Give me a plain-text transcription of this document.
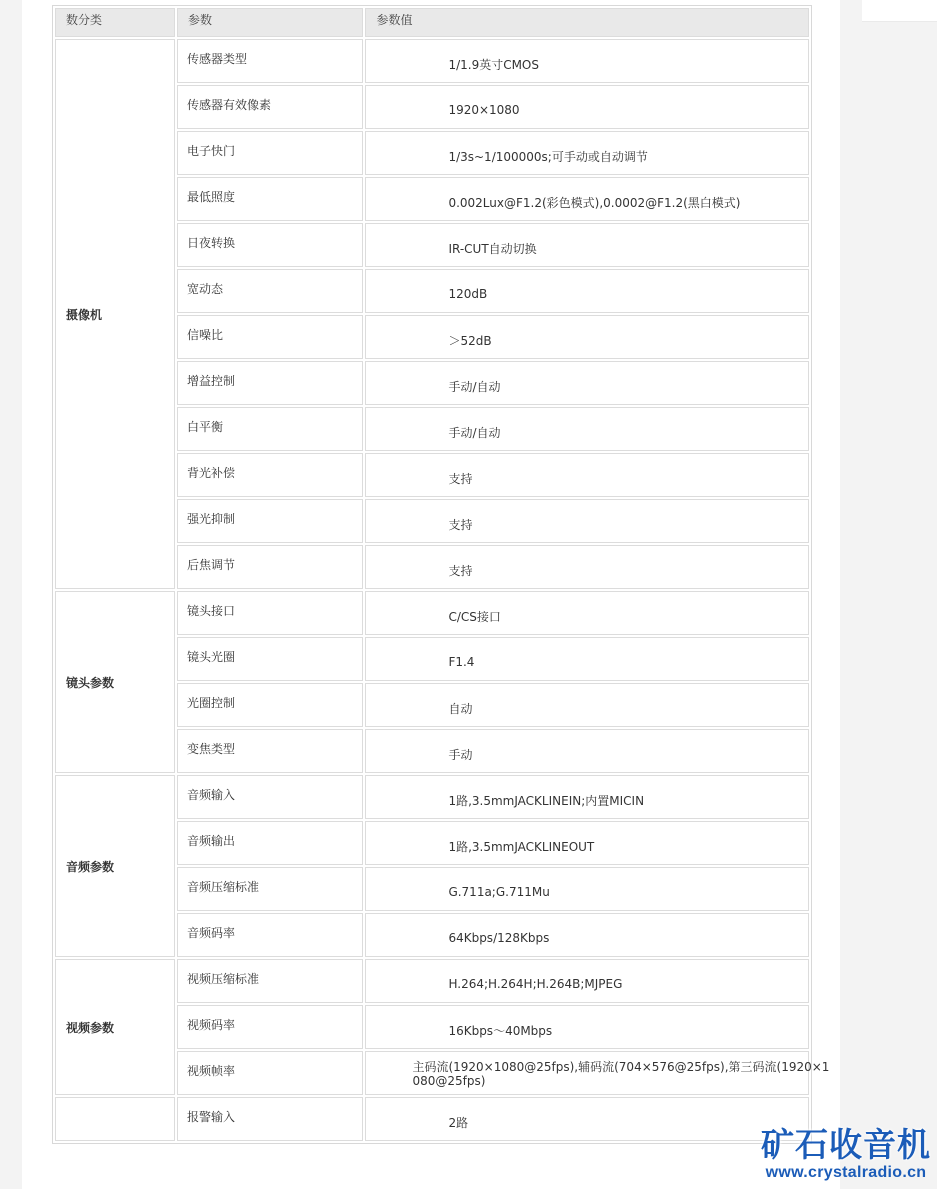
数分类	参数	参数值
摄像机	传感器类型	1/1.9英寸CMOS
	传感器有效像素	1920×1080
	电子快门	1/3s~1/100000s;可手动或自动调节
	最低照度	0.002Lux@F1.2(彩色模式),0.0002@F1.2(黑白模式)
	日夜转换	IR-CUT自动切换
	宽动态	120dB
	信噪比	＞52dB
	增益控制	手动/自动
	白平衡	手动/自动
	背光补偿	支持
	强光抑制	支持
	后焦调节	支持
镜头参数	镜头接口	C/CS接口
	镜头光圈	F1.4
	光圈控制	自动
	变焦类型	手动
音频参数	音频输入	1路,3.5mmJACKLINEIN;内置MICIN
	音频输出	1路,3.5mmJACKLINEOUT
	音频压缩标准	G.711a;G.711Mu
	音频码率	64Kbps/128Kbps
视频参数	视频压缩标准	H.264;H.264H;H.264B;MJPEG
	视频码率	16Kbps～40Mbps
	视频帧率	主码流(1920×1080@25fps),辅码流(704×576@25fps),第三码流(1920×1
080@25fps)

	报警输入	2路
矿石收音机
www.crystalradio.cn
